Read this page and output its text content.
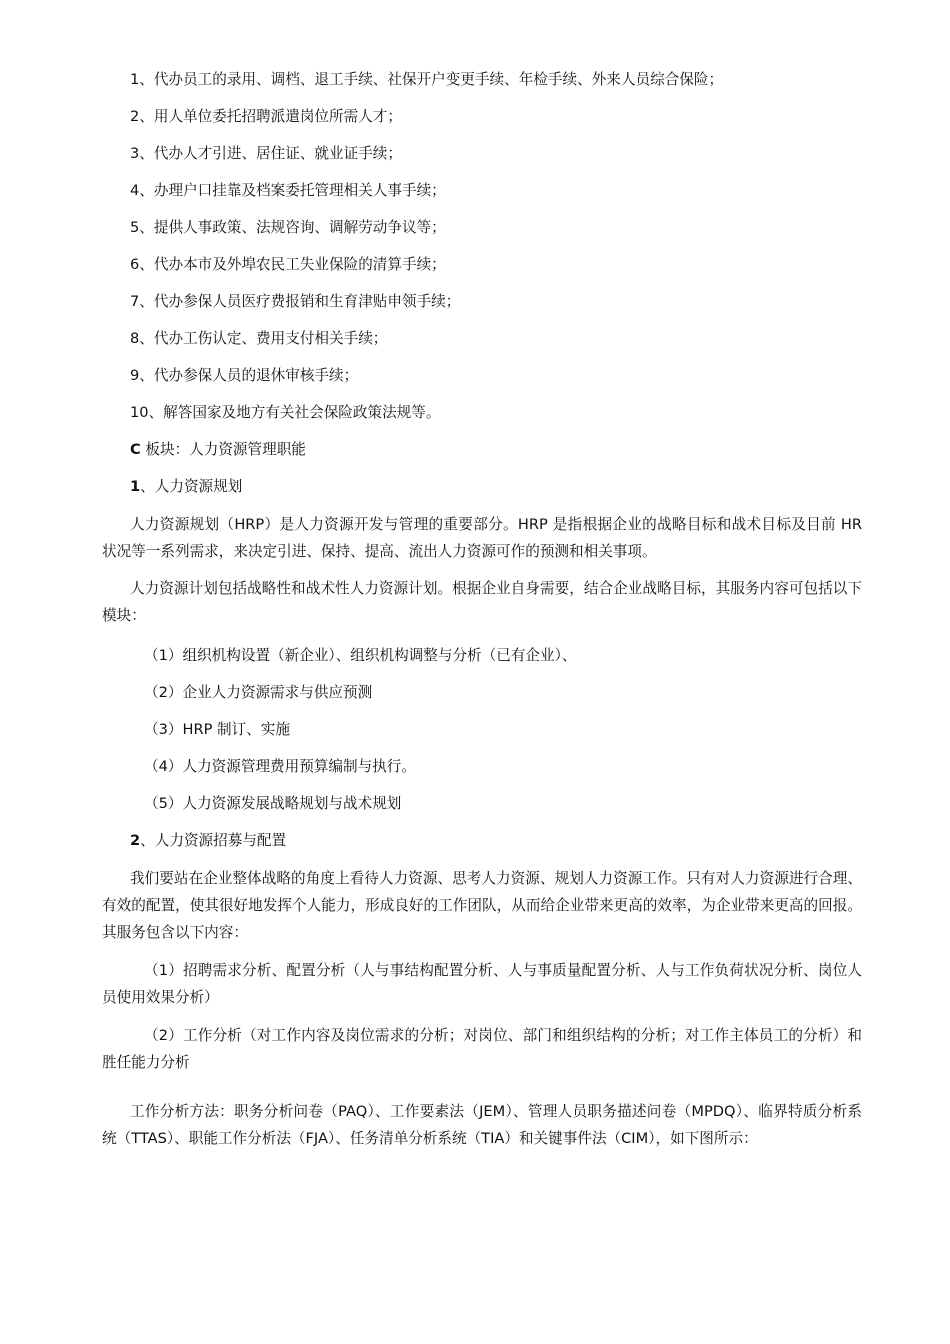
1、代办员工的录用、调档、退工手续、社保开户变更手续、年检手续、外来人员综合保险；
2、用人单位委托招聘派遣岗位所需人才；
3、代办人才引进、居住证、就业证手续；
4、办理户口挂靠及档案委托管理相关人事手续；
5、提供人事政策、法规咨询、调解劳动争议等；
6、代办本市及外埠农民工失业保险的清算手续；
7、代办参保人员医疗费报销和生育津贴申领手续；
8、代办工伤认定、费用支付相关手续；
9、代办参保人员的退休审核手续；
10、解答国家及地方有关社会保险政策法规等。
C 板块：人力资源管理职能
1、人力资源规划
人力资源规划（HRP）是人力资源开发与管理的重要部分。HRP 是指根据企业的战略目标和战术目标及目前 HR 状况等一系列需求，来决定引进、保持、提高、流出人力资源可作的预测和相关事项。
人力资源计划包括战略性和战术性人力资源计划。根据企业自身需要，结合企业战略目标，其服务内容可包括以下模块：
（1）组织机构设置（新企业）、组织机构调整与分析（已有企业）、
（2）企业人力资源需求与供应预测
（3）HRP 制订、实施
（4）人力资源管理费用预算编制与执行。
（5）人力资源发展战略规划与战术规划
2、人力资源招募与配置
我们要站在企业整体战略的角度上看待人力资源、思考人力资源、规划人力资源工作。只有对人力资源进行合理、有效的配置，使其很好地发挥个人能力，形成良好的工作团队，从而给企业带来更高的效率，为企业带来更高的回报。其服务包含以下内容：
（1）招聘需求分析、配置分析（人与事结构配置分析、人与事质量配置分析、人与工作负荷状况分析、岗位人员使用效果分析）
（2）工作分析（对工作内容及岗位需求的分析；对岗位、部门和组织结构的分析；对工作主体员工的分析）和胜任能力分析
工作分析方法：职务分析问卷（PAQ）、工作要素法（JEM）、管理人员职务描述问卷（MPDQ）、临界特质分析系统（TTAS）、职能工作分析法（FJA）、任务清单分析系统（TIA）和关键事件法（CIM），如下图所示：
